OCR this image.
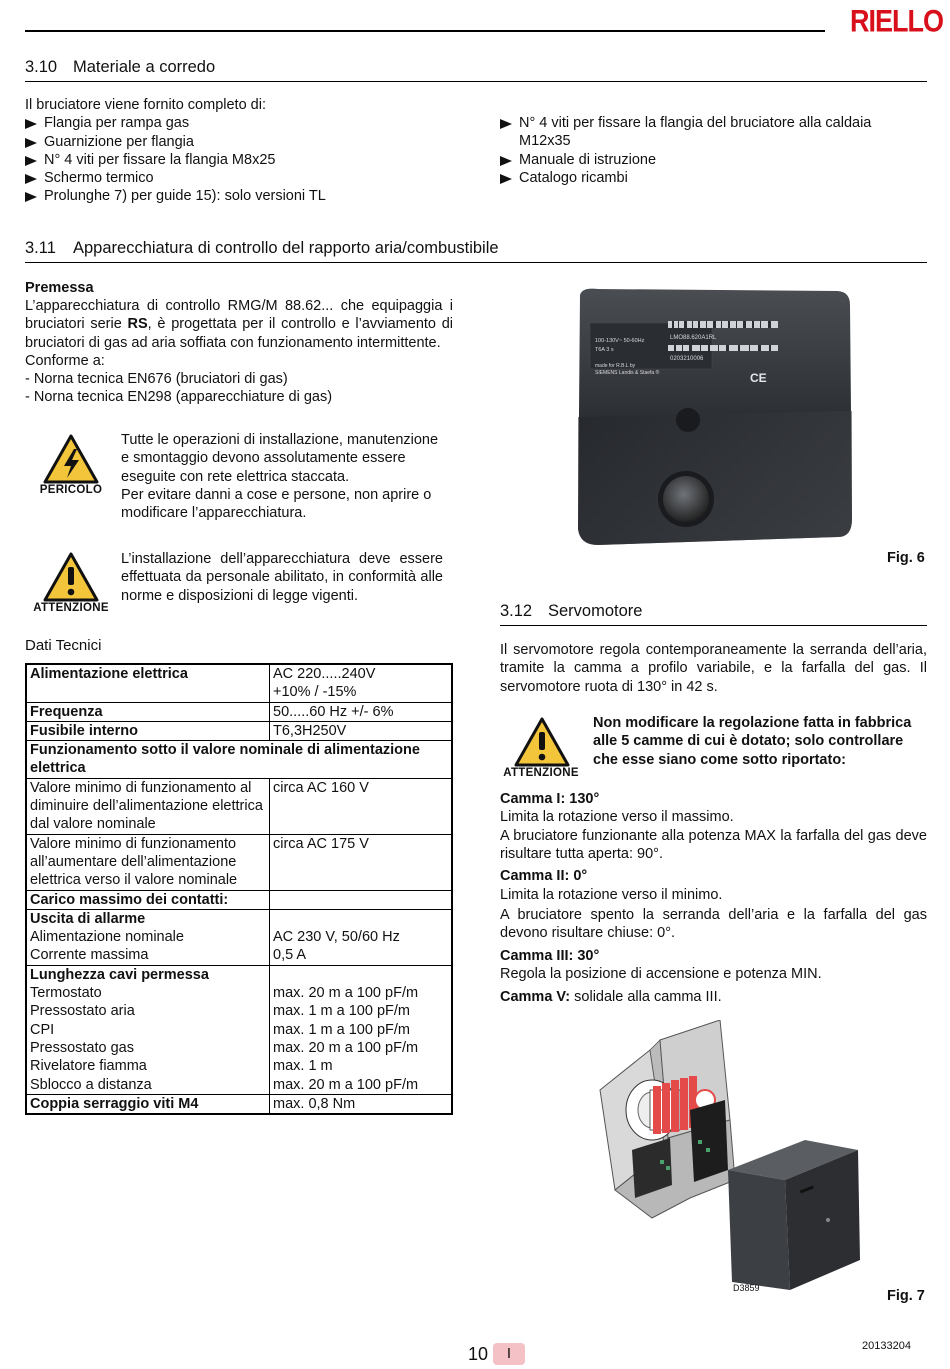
RIELLO
3.10 Materiale a corredo
Il bruciatore viene fornito completo di:
Flangia per rampa gas
Guarnizione per flangia
N° 4 viti per fissare la flangia M8x25
Schermo termico
Prolunghe 7) per guide 15): solo versioni TL
N° 4 viti per fissare la flangia del bruciatore alla caldaia
M12x35
Manuale di istruzione
Catalogo ricambi
3.11 Apparecchiatura di controllo del rapporto aria/combustibile
Premessa
L’apparecchiatura di controllo RMG/M 88.62... che equipaggia i bruciatori serie RS, è progettata per il controllo e l’avviamento di bruciatori di gas ad aria soffiata con funzionamento intermittente.
Conforme a:
- Norna tecnica EN676 (bruciatori di gas)
- Norna tecnica EN298 (apparecchiature di gas)
PERICOLO
Tutte le operazioni di installazione, manutenzione e smontaggio devono assolutamente essere eseguite con rete elettrica staccata.
Per evitare danni a cose e persone, non aprire o modificare l’apparecchiatura.
ATTENZIONE
L’installazione dell’apparecchiatura deve essere effettuata da personale abilitato, in conformità alle norme e disposizioni di legge vigenti.
100-130V~ 50-60Hz
T6A 3 s
made for R.B.L by
SIEMENS Landis & Staefa ®
LMO88.620A1RL
0203210006
CE
Fig. 6
Dati Tecnici
Alimentazione elettrica	AC 220.....240V
	+10% / -15%
Frequenza	50.....60 Hz +/- 6%
Fusibile interno	T6,3H250V
Funzionamento sotto il valore nominale di alimentazione elettrica	
Valore minimo di funzionamento al diminuire dell’alimentazione elettrica dal valore nominale	circa AC 160 V
Valore minimo di funzionamento all’aumentare dell’alimentazione elettrica verso il valore nominale	circa AC 175 V
Carico massimo dei contatti:	
Uscita di allarme	
Alimentazione nominale	AC 230 V, 50/60 Hz
Corrente massima	0,5 A
Lunghezza cavi permessa	
Termostato	max. 20 m a 100 pF/m
Pressostato aria	max. 1 m a 100 pF/m
CPI	max. 1 m a 100 pF/m
Pressostato gas	max. 20 m a 100 pF/m
Rivelatore fiamma	max. 1 m
Sblocco a distanza	max. 20 m a 100 pF/m
Coppia serraggio viti M4	max. 0,8 Nm
3.12 Servomotore
Il servomotore regola contemporaneamente la serranda dell’aria, tramite la camma a profilo variabile, e la farfalla del gas. Il servomotore ruota di 130° in 42 s.
ATTENZIONE
Non modificare la regolazione fatta in fabbrica alle 5 camme di cui è dotato; solo controllare che esse siano come sotto riportato:
Camma I: 130°
Limita la rotazione verso il massimo.
A bruciatore funzionante alla potenza MAX la farfalla del gas deve risultare tutta aperta: 90°.
Camma II: 0°
Limita la rotazione verso il minimo.
A bruciatore spento la serranda dell’aria e la farfalla del gas devono risultare chiuse: 0°.
Camma III: 30°
Regola la posizione di accensione e potenza MIN.
Camma V: solidale alla camma III.
D3859	Fig. 7
10	I	20133204
